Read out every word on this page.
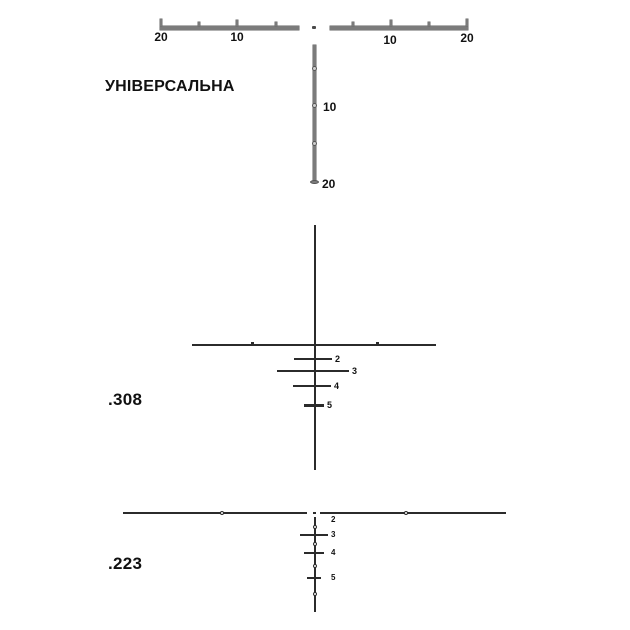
УНІВЕРСАЛЬНА
20	10	10	20
10
20
.308
2
3
4
5
.223
2
3
4
5
